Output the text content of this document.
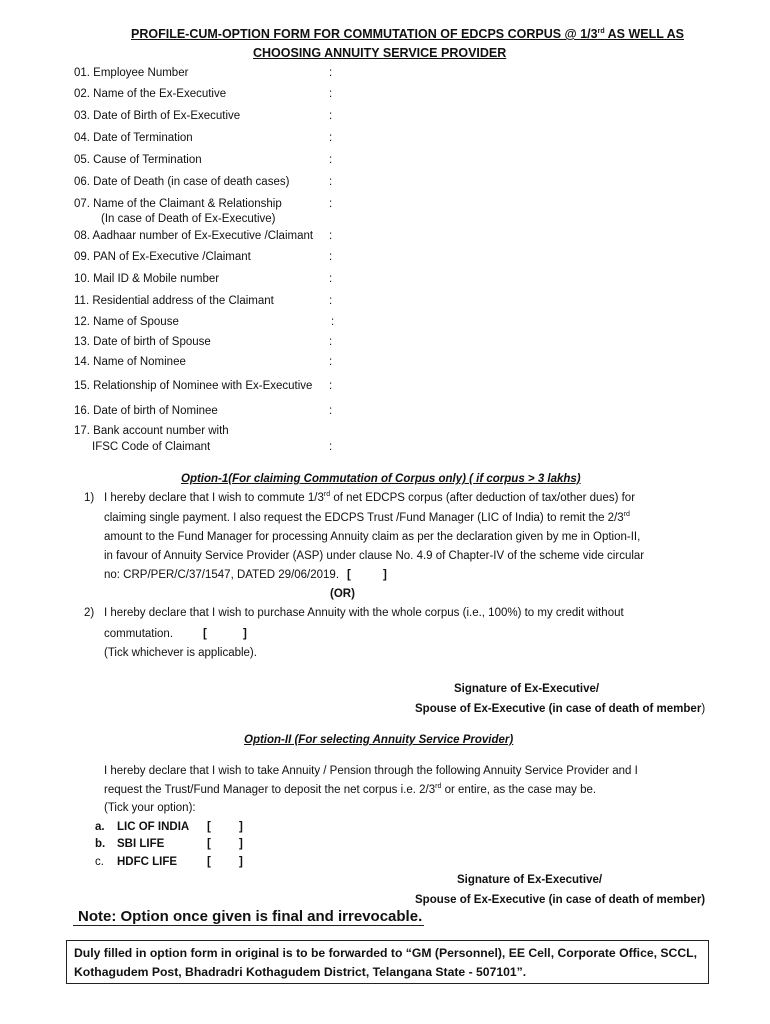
PROFILE-CUM-OPTION FORM FOR COMMUTATION OF EDCPS CORPUS @ 1/3rd AS WELL AS
CHOOSING ANNUITY SERVICE PROVIDER
01. Employee Number	:
02. Name of the Ex-Executive	:
03. Date of Birth of Ex-Executive	:
04. Date of Termination	:
05. Cause of Termination	:
06. Date of Death (in case of death cases)	:
07. Name of the Claimant & Relationship
(In case of Death of Ex-Executive)
:
08. Aadhaar number of Ex-Executive /Claimant :
09. PAN of Ex-Executive /Claimant	:
10. Mail ID & Mobile number	:
11. Residential address of the Claimant	:
12. Name of Spouse	:
13. Date of birth of Spouse	:
14. Name of Nominee	:
15. Relationship of Nominee with Ex-Executive :
16. Date of birth of Nominee	:
17. Bank account number with
IFSC Code of Claimant	:
Option-1(For claiming Commutation of Corpus only) ( if corpus > 3 lakhs)
1) I hereby declare that I wish to commute 1/3rd of net EDCPS corpus (after deduction of tax/other dues) for
claiming single payment. I also request the EDCPS Trust /Fund Manager (LIC of India) to remit the 2/3rd
amount to the Fund Manager for processing Annuity claim as per the declaration given by me in Option-II,
in favour of Annuity Service Provider (ASP) under clause No. 4.9 of Chapter-IV of the scheme vide circular
no: CRP/PER/C/37/1547, DATED 29/06/2019. [	]
(OR)
2) I hereby declare that I wish to purchase Annuity with the whole corpus (i.e., 100%) to my credit without
commutation.	[	]
(Tick whichever is applicable).
Signature of Ex-Executive/
Spouse of Ex-Executive (in case of death of member)
Option-II (For selecting Annuity Service Provider)
I hereby declare that I wish to take Annuity / Pension through the following Annuity Service Provider and I
request the Trust/Fund Manager to deposit the net corpus i.e. 2/3rd or entire, as the case may be.
(Tick your option):
a. LIC OF INDIA [ ]
b. SBI LIFE	[ ]
c. HDFC LIFE	[ ]
Signature of Ex-Executive/
Spouse of Ex-Executive (in case of death of member)
Note: Option once given is final and irrevocable.
Duly filled in option form in original is to be forwarded to “GM (Personnel), EE Cell, Corporate Office, SCCL,
Kothagudem Post, Bhadradri Kothagudem District, Telangana State - 507101”.
